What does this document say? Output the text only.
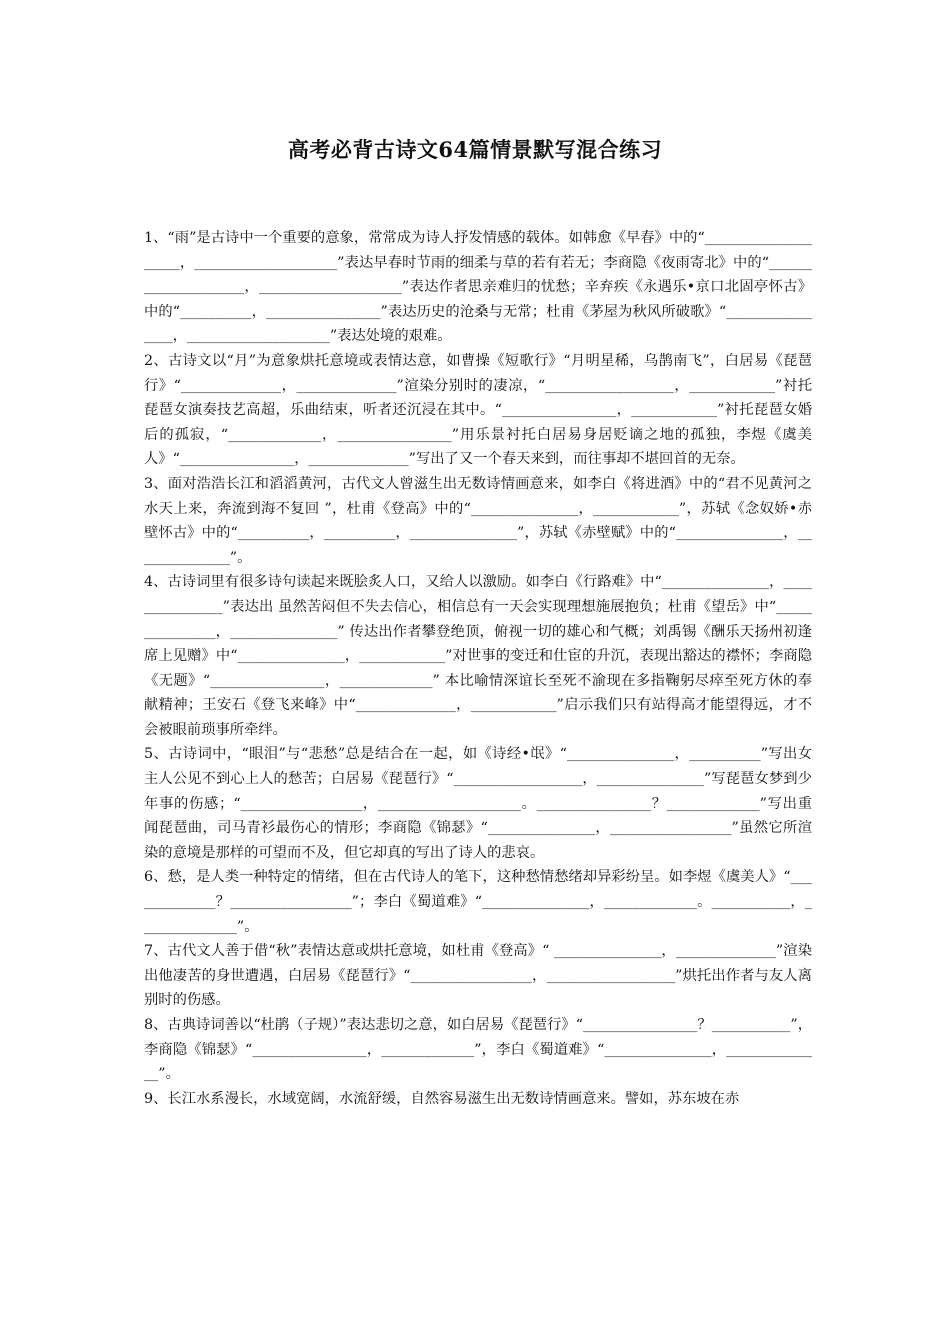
高考必背古诗文64篇情景默写混合练习

1、“雨”是古诗中一个重要的意象，常常成为诗人抒发情感的载体。如韩愈《早春》中的“____________________，____________________”表达早春时节雨的细柔与草的若有若无；李商隐《夜雨寄北》中的“____________________，____________________”表达作者思亲难归的忧愁；辛弃疾《永遇乐•京口北固亭怀古》中的“__________，________________”表达历史的沧桑与无常；杜甫《茅屋为秋风所破歌》“________________，____________________”表达处境的艰难。

2、古诗文以“月”为意象烘托意境或表情达意，如曹操《短歌行》“月明星稀，乌鹊南飞”，白居易《琵琶行》“______________，______________”渲染分别时的凄凉，“__________________，____________”衬托琵琶女演奏技艺高超，乐曲结束，听者还沉浸在其中。“________________，____________”衬托琵琶女婚后的孤寂，“_____________，________________”用乐景衬托白居易身居贬谪之地的孤独，李煜《虞美人》“________________，______________”写出了又一个春天来到，而往事却不堪回首的无奈。

3、面对浩浩长江和滔滔黄河，古代文人曾滋生出无数诗情画意来，如李白《将进酒》中的“君不见黄河之水天上来，奔流到海不复回 ”，杜甫《登高》中的“_______________，____________”，苏轼《念奴娇•赤壁怀古》中的“__________，__________，_______________”，苏轼《赤壁赋》中的“_______________，______________”。

4、古诗词里有很多诗句读起来既脍炙人口，又给人以激励。如李白《行路难》中“_______________，_______________”表达出 虽然苦闷但不失去信心，相信总有一天会实现理想施展抱负；杜甫《望岳》中“_______________，_______________” 传达出作者攀登绝顶，俯视一切的雄心和气概；刘禹锡《酬乐天扬州初逢席上见赠》中“_______________，____________”对世事的变迁和仕宦的升沉，表现出豁达的襟怀；李商隐《无题》“________________，_____________” 本比喻情深谊长至死不渝现在多指鞠躬尽瘁至死方休的奉献精神；王安石《登飞来峰》中“______________，____________”启示我们只有站得高才能望得远，才不会被眼前琐事所牵绊。

5、古诗词中，“眼泪”与“悲愁”总是结合在一起，如《诗经•氓》“_______________，__________”写出女主人公见不到心上人的愁苦；白居易《琵琶行》“__________________，_______________”写琵琶女梦到少年事的伤感；“_________________，____________________。________________？_____________”写出重闻琵琶曲，司马青衫最伤心的情形；李商隐《锦瑟》“_______________，_________________”虽然它所渲染的意境是那样的可望而不及，但它却真的写出了诗人的悲哀。

6、愁，是人类一种特定的情绪，但在古代诗人的笔下，这种愁情愁绪却异彩纷呈。如李煜《虞美人》“_____________？_________________”；李白《蜀道难》“_______________，_____________。___________，______________”。

7、古代文人善于借“秋”表情达意或烘托意境，如杜甫《登高》“ _______________，______________”渲染出他凄苦的身世遭遇，白居易《琵琶行》“_________________，__________________”烘托出作者与友人离别时的伤感。

8、古典诗词善以“杜鹃（子规）”表达悲切之意，如白居易《琵琶行》“________________？___________”，李商隐《锦瑟》“________________，_____________”，李白《蜀道难》“_______________，______________”。

9、长江水系漫长，水域宽阔，水流舒缓，自然容易滋生出无数诗情画意来。譬如，苏东坡在赤
